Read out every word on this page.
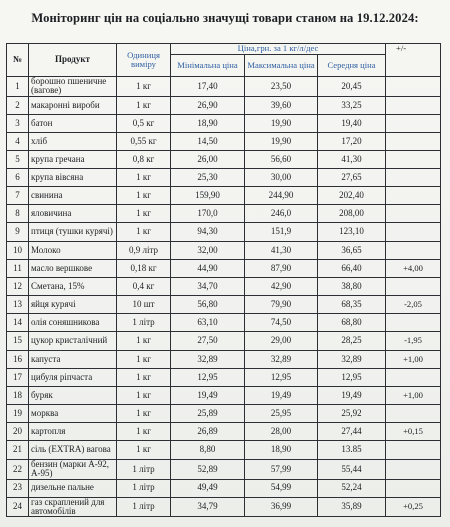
Моніторинг цін на соціально значущі товари станом на 19.12.2024:
№	Продукт	Одиниця виміру	Ціна,грн. за 1 кг/л/дес			+/-
			Мінімальна ціна	Максимальна ціна	Середня ціна	
1	борошно пшеничне (вагове)	1 кг	17,40	23,50	20,45	
2	макаронні вироби	1 кг	26,90	39,60	33,25	
3	батон	0,5 кг	18,90	19,90	19,40	
4	хліб	0,55 кг	14,50	19,90	17,20	
5	крупа гречана	0,8 кг	26,00	56,60	41,30	
6	крупа вівсяна	1 кг	25,30	30,00	27,65	
7	свинина	1 кг	159,90	244,90	202,40	
8	яловичина	1 кг	170,0	246,0	208,00	
9	птиця (тушки курячі)	1 кг	94,30	151,9	123,10	
10	Молоко	0,9 літр	32,00	41,30	36,65	
11	масло вершкове	0,18 кг	44,90	87,90	66,40	+4,00
12	Сметана, 15%	0,4 кг	34,70	42,90	38,80	
13	яйця курячі	10 шт	56,80	79,90	68,35	-2,05
14	олія соняшникова	1 літр	63,10	74,50	68,80	
15	цукор кристалічний	1 кг	27,50	29,00	28,25	-1,95
16	капуста	1 кг	32,89	32,89	32,89	+1,00
17	цибуля ріпчаста	1 кг	12,95	12,95	12,95	
18	буряк	1 кг	19,49	19,49	19,49	+1,00
19	морква	1 кг	25,89	25,95	25,92	
20	картопля	1 кг	26,89	28,00	27,44	+0,15
21	сіль (EXTRA) вагова	1 кг	8,80	18,90	13.85	
22	бензин (марки А-92, А-95)	1 літр	52,89	57,99	55,44	
23	дизельне пальне	1 літр	49,49	54,99	52,24	
24	газ скраплений для автомобілів	1 літр	34,79	36,99	35,89	+0,25
